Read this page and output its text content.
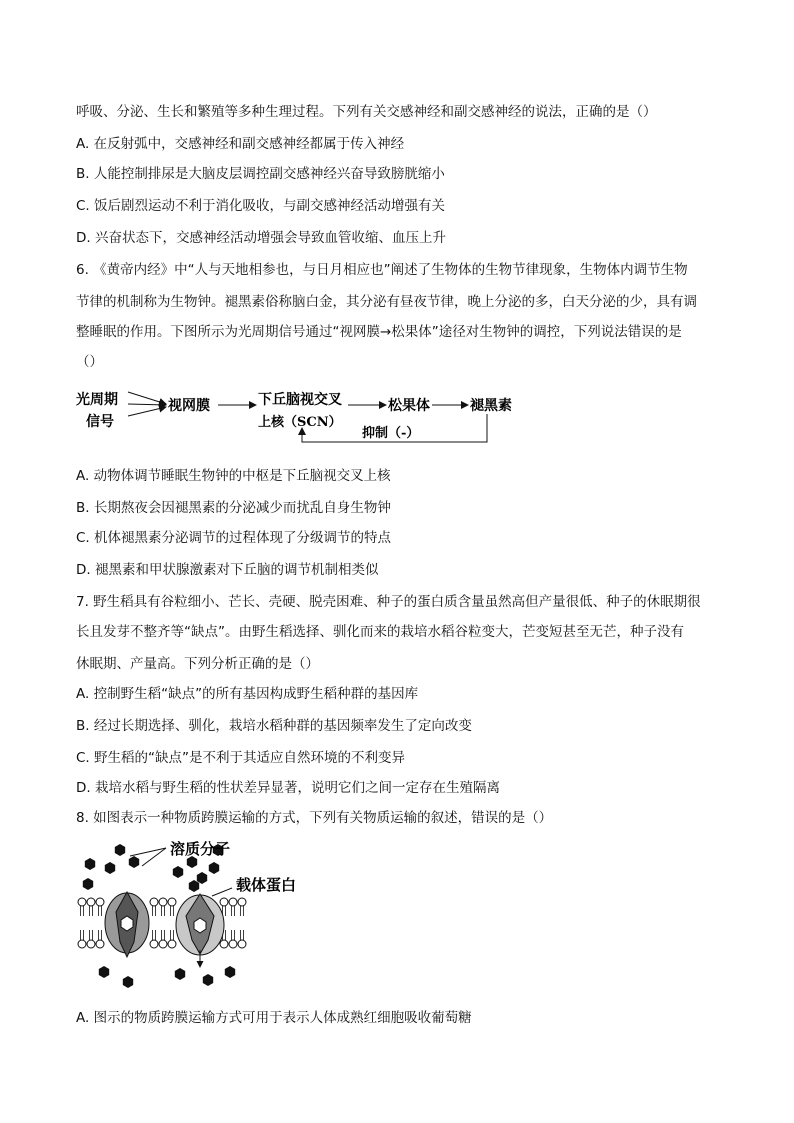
呼吸、分泌、生长和繁殖等多种生理过程。下列有关交感神经和副交感神经的说法，正确的是（）
A. 在反射弧中，交感神经和副交感神经都属于传入神经
B. 人能控制排尿是大脑皮层调控副交感神经兴奋导致膀胱缩小
C. 饭后剧烈运动不利于消化吸收，与副交感神经活动增强有关
D. 兴奋状态下，交感神经活动增强会导致血管收缩、血压上升
6. 《黄帝内经》中“人与天地相参也，与日月相应也”阐述了生物体的生物节律现象，生物体内调节生物
节律的机制称为生物钟。褪黑素俗称脑白金，其分泌有昼夜节律，晚上分泌的多，白天分泌的少，具有调
整睡眠的作用。下图所示为光周期信号通过“视网膜→松果体”途径对生物钟的调控，下列说法错误的是
（）
光周期
信号
视网膜	下丘脑视交叉
上核（SCN）
松果体	褪黑素
抑制（-）
A. 动物体调节睡眠生物钟的中枢是下丘脑视交叉上核
B. 长期熬夜会因褪黑素的分泌减少而扰乱自身生物钟
C. 机体褪黑素分泌调节的过程体现了分级调节的特点
D. 褪黑素和甲状腺激素对下丘脑的调节机制相类似
7. 野生稻具有谷粒细小、芒长、壳硬、脱壳困难、种子的蛋白质含量虽然高但产量很低、种子的休眠期很
长且发芽不整齐等“缺点”。由野生稻选择、驯化而来的栽培水稻谷粒变大，芒变短甚至无芒，种子没有
休眠期、产量高。下列分析正确的是（）
A. 控制野生稻“缺点”的所有基因构成野生稻种群的基因库
B. 经过长期选择、驯化，栽培水稻种群的基因频率发生了定向改变
C. 野生稻的“缺点”是不利于其适应自然环境的不利变异
D. 栽培水稻与野生稻的性状差异显著，说明它们之间一定存在生殖隔离
8. 如图表示一种物质跨膜运输的方式，下列有关物质运输的叙述，错误的是（）
溶质分子
载体蛋白
A. 图示的物质跨膜运输方式可用于表示人体成熟红细胞吸收葡萄糖
